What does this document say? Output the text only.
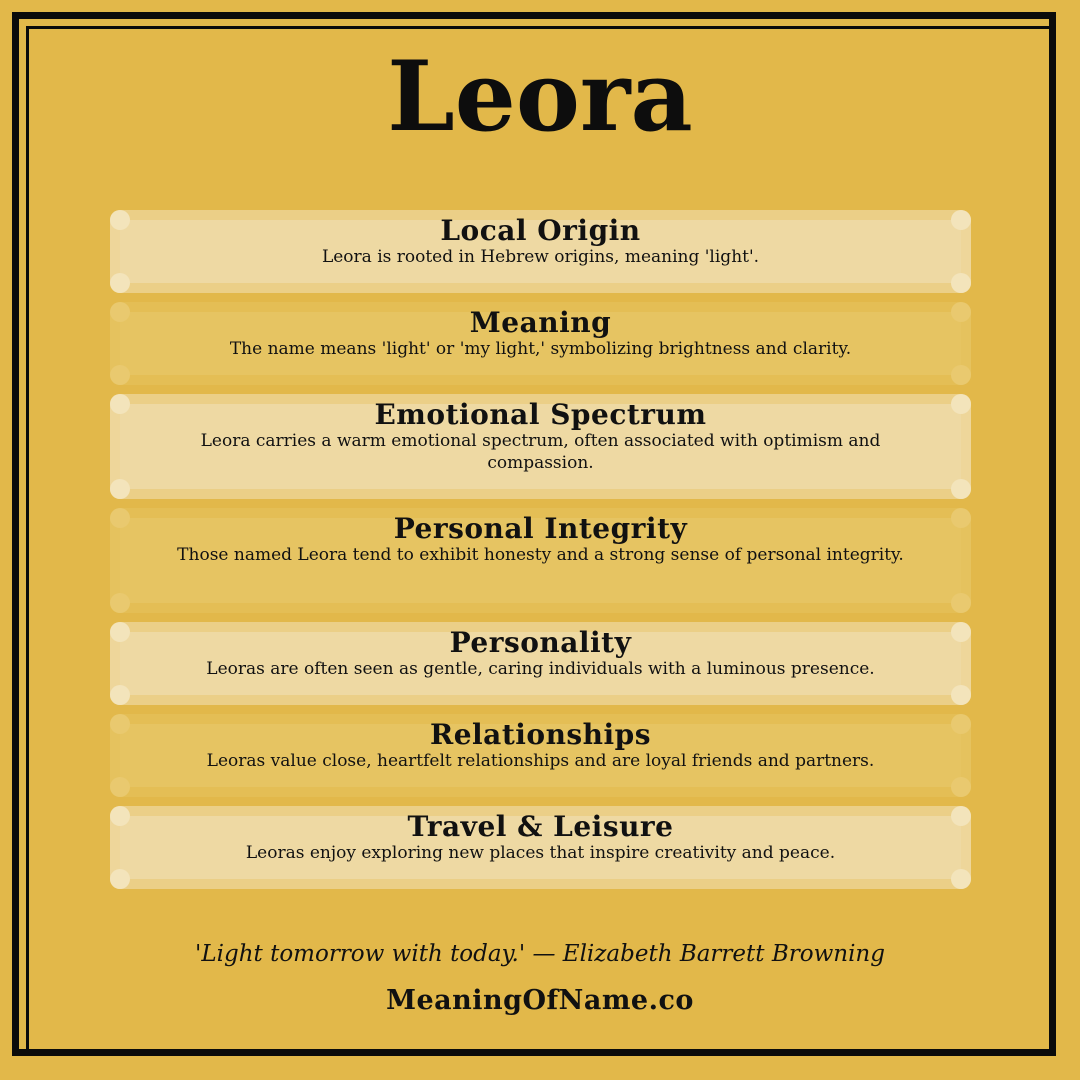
Leora
Local Origin
Leora is rooted in Hebrew origins, meaning 'light'.
Meaning
The name means 'light' or 'my light,' symbolizing brightness and clarity.
Emotional Spectrum
Leora carries a warm emotional spectrum, often associated with optimism and compassion.
Personal Integrity
Those named Leora tend to exhibit honesty and a strong sense of personal integrity.
Personality
Leoras are often seen as gentle, caring individuals with a luminous presence.
Relationships
Leoras value close, heartfelt relationships and are loyal friends and partners.
Travel & Leisure
Leoras enjoy exploring new places that inspire creativity and peace.
'Light tomorrow with today.' — Elizabeth Barrett Browning
MeaningOfName.co
